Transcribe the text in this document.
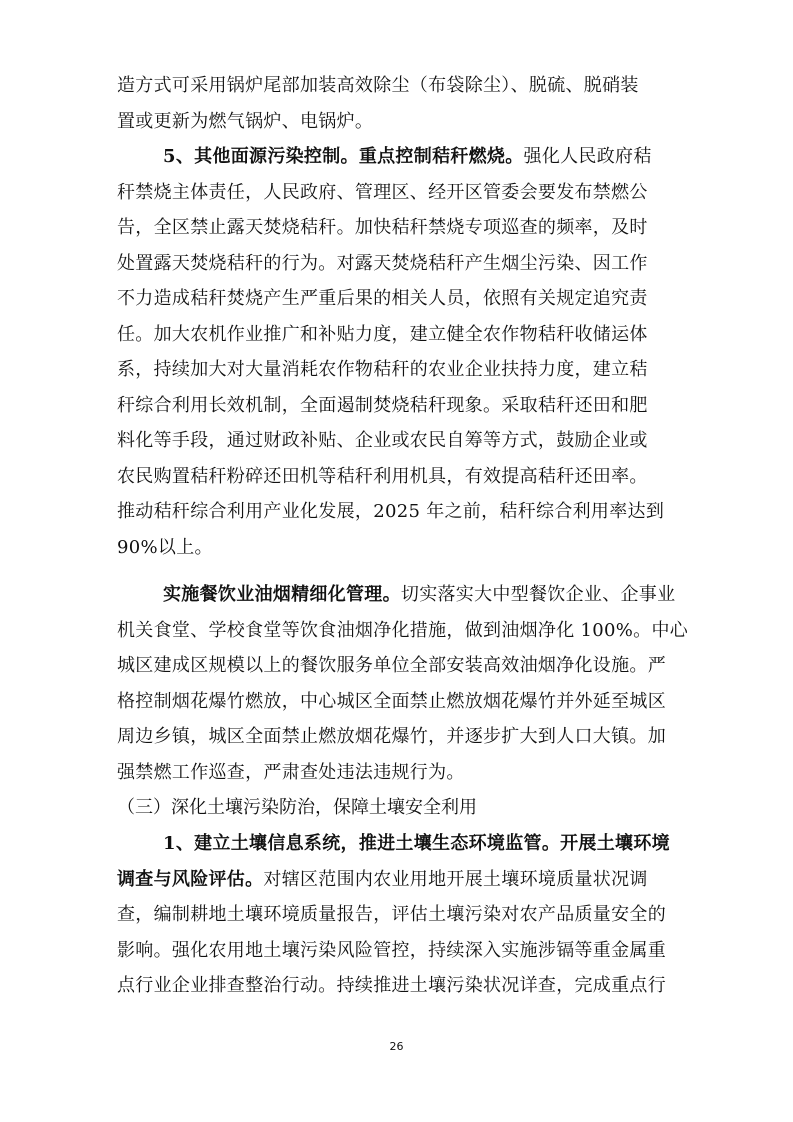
造方式可采用锅炉尾部加装高效除尘（布袋除尘）、脱硫、脱硝装
置或更新为燃气锅炉、电锅炉。
5、其他面源污染控制。重点控制秸秆燃烧。强化人民政府秸
秆禁烧主体责任，人民政府、管理区、经开区管委会要发布禁燃公
告，全区禁止露天焚烧秸秆。加快秸秆禁烧专项巡查的频率，及时
处置露天焚烧秸秆的行为。对露天焚烧秸秆产生烟尘污染、因工作
不力造成秸秆焚烧产生严重后果的相关人员，依照有关规定追究责
任。加大农机作业推广和补贴力度，建立健全农作物秸秆收储运体
系，持续加大对大量消耗农作物秸秆的农业企业扶持力度，建立秸
秆综合利用长效机制，全面遏制焚烧秸秆现象。采取秸秆还田和肥
料化等手段，通过财政补贴、企业或农民自筹等方式，鼓励企业或
农民购置秸秆粉碎还田机等秸秆利用机具，有效提高秸秆还田率。
推动秸秆综合利用产业化发展，2025 年之前，秸秆综合利用率达到
90%以上。
实施餐饮业油烟精细化管理。切实落实大中型餐饮企业、企事业
机关食堂、学校食堂等饮食油烟净化措施，做到油烟净化 100%。中心
城区建成区规模以上的餐饮服务单位全部安装高效油烟净化设施。严
格控制烟花爆竹燃放，中心城区全面禁止燃放烟花爆竹并外延至城区
周边乡镇，城区全面禁止燃放烟花爆竹，并逐步扩大到人口大镇。加
强禁燃工作巡查，严肃查处违法违规行为。
（三）深化土壤污染防治，保障土壤安全利用
1、建立土壤信息系统，推进土壤生态环境监管。开展土壤环境
调查与风险评估。对辖区范围内农业用地开展土壤环境质量状况调
查，编制耕地土壤环境质量报告，评估土壤污染对农产品质量安全的
影响。强化农用地土壤污染风险管控，持续深入实施涉镉等重金属重
点行业企业排查整治行动。持续推进土壤污染状况详查，完成重点行
26
